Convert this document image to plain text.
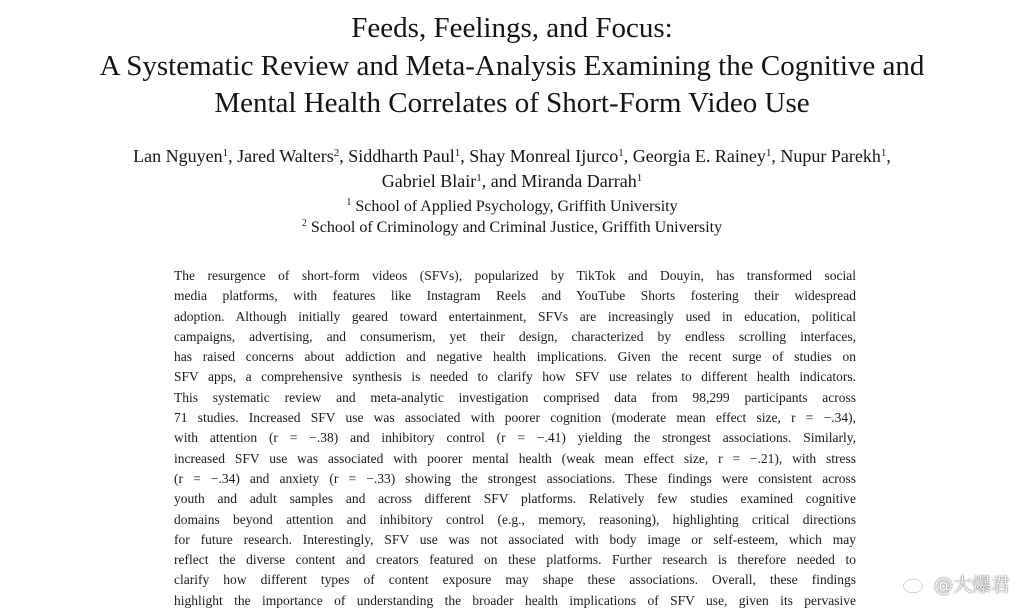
Feeds, Feelings, and Focus:
A Systematic Review and Meta-Analysis Examining the Cognitive and
Mental Health Correlates of Short-Form Video Use
Lan Nguyen$^1$, Jared Walters$^2$, Siddharth Paul$^1$, Shay Monreal Ijurco$^1$, Georgia E. Rainey$^1$, Nupur Parekh$^1$,
Gabriel Blair$^1$, and Miranda Darrah$^1$
$^1$ School of Applied Psychology, Griffith University
$^2$ School of Criminology and Criminal Justice, Griffith University
The resurgence of short-form videos (SFVs), popularized by TikTok and Douyin, has transformed social
media platforms, with features like Instagram Reels and YouTube Shorts fostering their widespread
adoption. Although initially geared toward entertainment, SFVs are increasingly used in education, political
campaigns, advertising, and consumerism, yet their design, characterized by endless scrolling interfaces,
has raised concerns about addiction and negative health implications. Given the recent surge of studies on
SFV apps, a comprehensive synthesis is needed to clarify how SFV use relates to different health indicators.
This systematic review and meta-analytic investigation comprised data from 98,299 participants across
71 studies. Increased SFV use was associated with poorer cognition (moderate mean effect size, r = −.34),
with attention (r = −.38) and inhibitory control (r = −.41) yielding the strongest associations. Similarly,
increased SFV use was associated with poorer mental health (weak mean effect size, r = −.21), with stress
(r = −.34) and anxiety (r = −.33) showing the strongest associations. These findings were consistent across
youth and adult samples and across different SFV platforms. Relatively few studies examined cognitive
domains beyond attention and inhibitory control (e.g., memory, reasoning), highlighting critical directions
for future research. Interestingly, SFV use was not associated with body image or self-esteem, which may
reflect the diverse content and creators featured on these platforms. Further research is therefore needed to
clarify how different types of content exposure may shape these associations. Overall, these findings
highlight the importance of understanding the broader health implications of SFV use, given its pervasive
@大爆君
